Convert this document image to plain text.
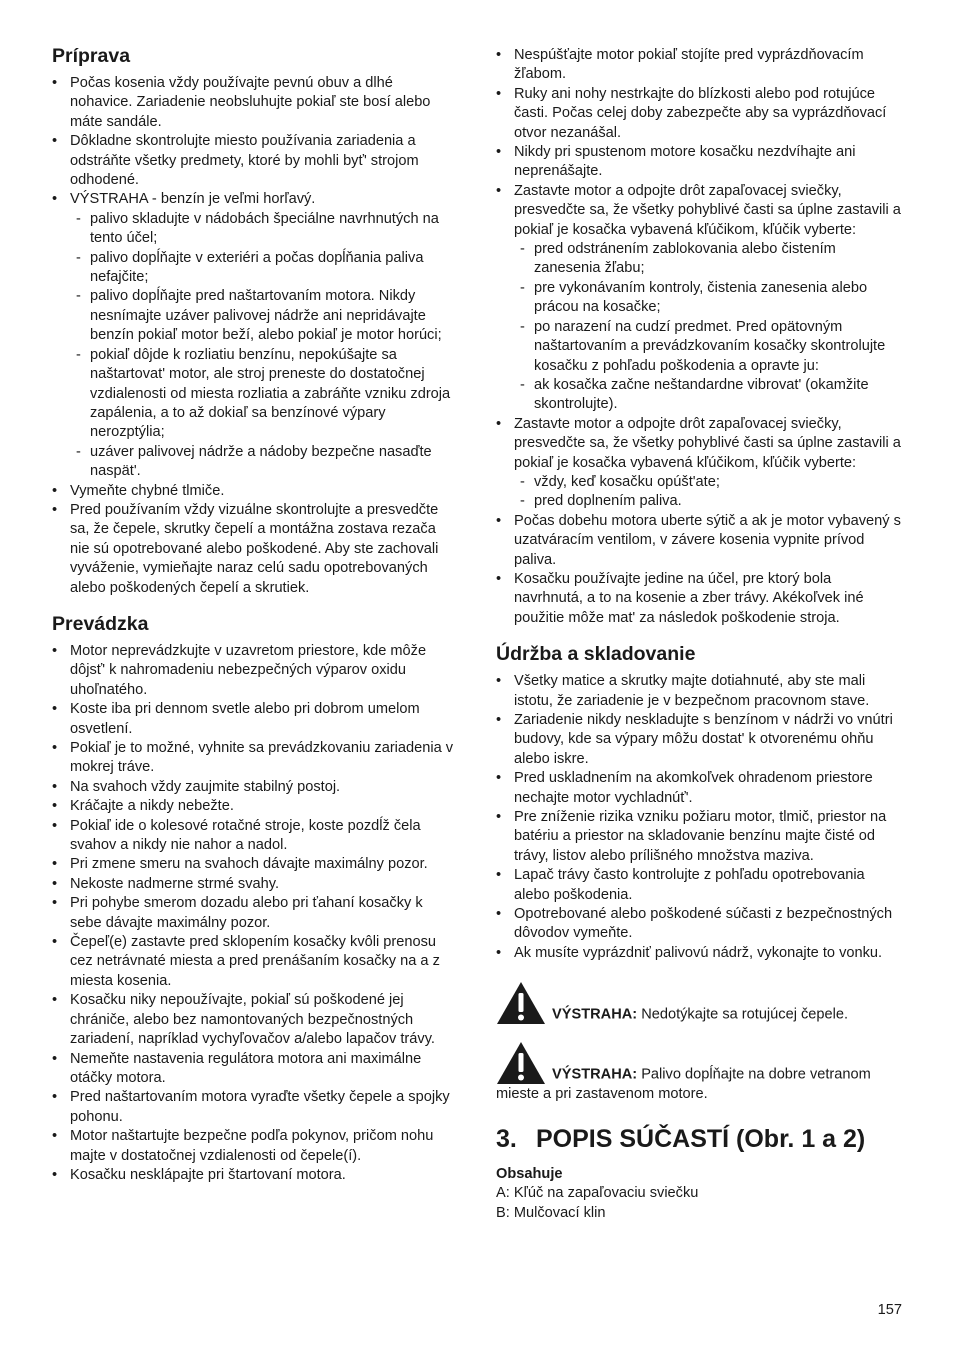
Príprava
• Počas kosenia vždy používajte pevnú obuv a dlhé nohavice. Zariadenie neobsluhujte pokiaľ ste bosí alebo máte sandále.
• Dôkladne skontrolujte miesto používania zariadenia a odstráňte všetky predmety, ktoré by mohli byť' strojom odhodené.
• VÝSTRAHA - benzín je veľmi horľavý.
- palivo skladujte v nádobách špeciálne navrhnutých na tento účel;
- palivo dopĺňajte v exteriéri a počas dopĺňania paliva nefajčite;
- palivo dopĺňajte pred naštartovaním motora. Nikdy nesnímajte uzáver palivovej nádrže ani nepridávajte benzín pokiaľ motor beží, alebo pokiaľ je motor horúci;
- pokiaľ dôjde k rozliatiu benzínu, nepokúšajte sa naštartovat' motor, ale stroj preneste do dostatočnej vzdialenosti od miesta rozliatia a zabráňte vzniku zdroja zapálenia, a to až dokiaľ sa benzínové výpary nerozptýlia;
- uzáver palivovej nádrže a nádoby bezpečne nasaďte naspät'.
• Vymeňte chybné tlmiče.
• Pred používaním vždy vizuálne skontrolujte a presvedčte sa, že čepele, skrutky čepelí a montážna zostava rezača nie sú opotrebované alebo poškodené. Aby ste zachovali vyváženie, vymieňajte naraz celú sadu opotrebovaných alebo poškodených čepelí a skrutiek.
Prevádzka
• Motor neprevádzkujte v uzavretom priestore, kde môže dôjsť' k nahromadeniu nebezpečných výparov oxidu uhoľnatého.
• Koste iba pri dennom svetle alebo pri dobrom umelom osvetlení.
• Pokiaľ je to možné, vyhnite sa prevádzkovaniu zariadenia v mokrej tráve.
• Na svahoch vždy zaujmite stabilný postoj.
• Kráčajte a nikdy nebežte.
• Pokiaľ ide o kolesové rotačné stroje, koste pozdĺž čela svahov a nikdy nie nahor a nadol.
• Pri zmene smeru na svahoch dávajte maximálny pozor.
• Nekoste nadmerne strmé svahy.
• Pri pohybe smerom dozadu alebo pri ťahaní kosačky k sebe dávajte maximálny pozor.
• Čepeľ(e) zastavte pred sklopením kosačky kvôli prenosu cez netrávnaté miesta a pred prenášaním kosačky na a z miesta kosenia.
• Kosačku niky nepoužívajte, pokiaľ sú poškodené jej chrániče, alebo bez namontovaných bezpečnostných zariadení, napríklad vychyľovačov a/alebo lapačov trávy.
• Nemeňte nastavenia regulátora motora ani maximálne otáčky motora.
• Pred naštartovaním motora vyraďte všetky čepele a spojky pohonu.
• Motor naštartujte bezpečne podľa pokynov, pričom nohu majte v dostatočnej vzdialenosti od čepele(í).
• Kosačku nesklápajte pri štartovaní motora.
• Nespúšťajte motor pokiaľ stojíte pred vyprázdňovacím žľabom.
• Ruky ani nohy nestrkajte do blízkosti alebo pod rotujúce časti. Počas celej doby zabezpečte aby sa vyprázdňovací otvor nezanášal.
• Nikdy pri spustenom motore kosačku nezdvíhajte ani neprenášajte.
• Zastavte motor a odpojte drôt zapaľovacej sviečky, presvedčte sa, že všetky pohyblivé časti sa úplne zastavili a pokiaľ je kosačka vybavená kľúčikom, kľúčik vyberte:
- pred odstránením zablokovania alebo čistením zanesenia žľabu;
- pre vykonávaním kontroly, čistenia zanesenia alebo prácou na kosačke;
- po narazení na cudzí predmet. Pred opätovným naštartovaním a prevádzkovaním kosačky skontrolujte kosačku z pohľadu poškodenia a opravte ju:
- ak kosačka začne neštandardne vibrovat' (okamžite skontrolujte).
• Zastavte motor a odpojte drôt zapaľovacej sviečky, presvedčte sa, že všetky pohyblivé časti sa úplne zastavili a pokiaľ je kosačka vybavená kľúčikom, kľúčik vyberte:
- vždy, keď kosačku opúšt'ate;
- pred doplnením paliva.
• Počas dobehu motora uberte sýtič a ak je motor vybavený s uzatváracím ventilom, v závere kosenia vypnite prívod paliva.
• Kosačku používajte jedine na účel, pre ktorý bola navrhnutá, a to na kosenie a zber trávy. Akékoľvek iné použitie môže mat' za následok poškodenie stroja.
Údržba a skladovanie
• Všetky matice a skrutky majte dotiahnuté, aby ste mali istotu, že zariadenie je v bezpečnom pracovnom stave.
• Zariadenie nikdy neskladujte s benzínom v nádrži vo vnútri budovy, kde sa výpary môžu dostat' k otvorenému ohňu alebo iskre.
• Pred uskladnením na akomkoľvek ohradenom priestore nechajte motor vychladnúť'.
• Pre zníženie rizika vzniku požiaru motor, tlmič, priestor na batériu a priestor na skladovanie benzínu majte čisté od trávy, listov alebo prílišného množstva maziva.
• Lapač trávy často kontrolujte z pohľadu opotrebovania alebo poškodenia.
• Opotrebované alebo poškodené súčasti z bezpečnostných dôvodov vymeňte.
• Ak musíte vyprázdniť palivovú nádrž, vykonajte to vonku.
VÝSTRAHA: Nedotýkajte sa rotujúcej čepele.
VÝSTRAHA: Palivo dopĺňajte na dobre vetranom mieste a pri zastavenom motore.
3. POPIS SÚČASTÍ (Obr. 1 a 2)
Obsahuje
A: Kľúč na zapaľovaciu sviečku
B: Mulčovací klin
157
